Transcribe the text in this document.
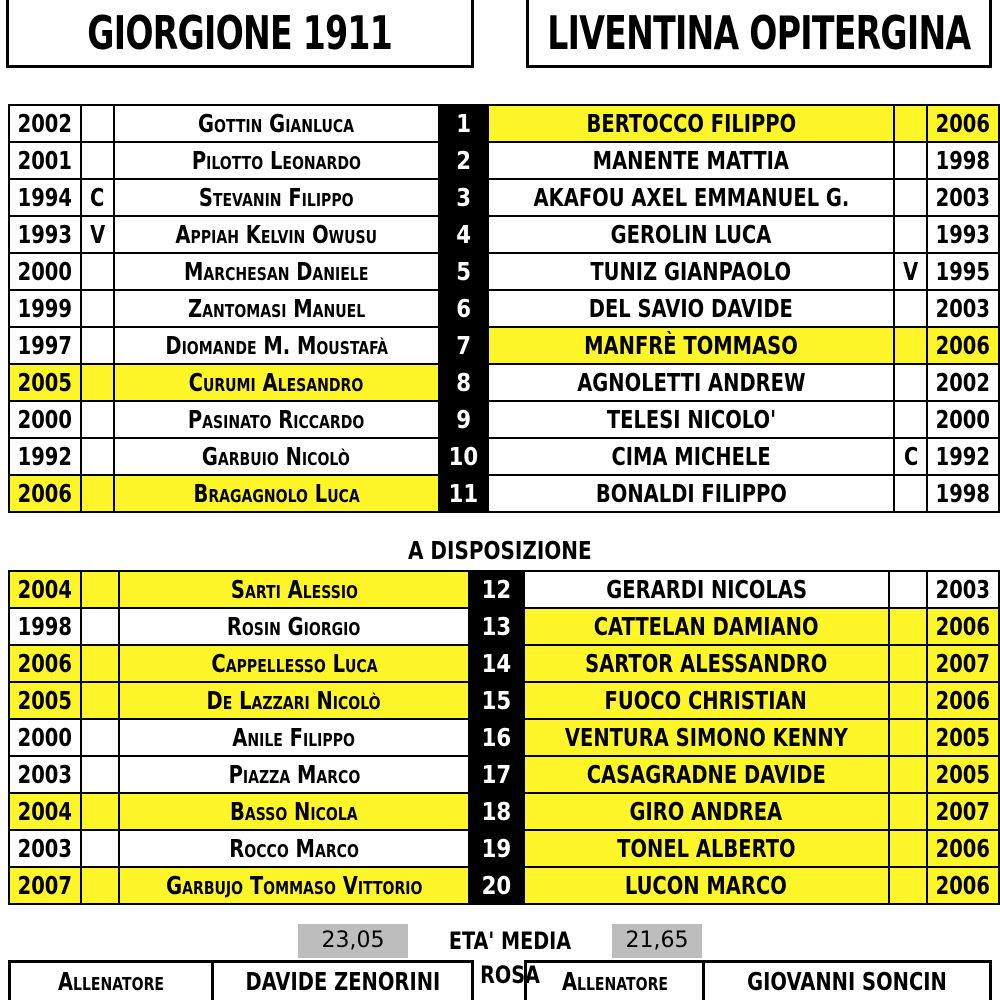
GIORGIONE 1911	LIVENTINA OPITERGINA
2002		Gottin Gianluca	1	BERTOCCO FILIPPO		2006
2001		Pilotto Leonardo	2	MANENTE MATTIA		1998
1994	C	Stevanin Filippo	3	AKAFOU AXEL EMMANUEL G.		2003
1993	V	Appiah Kelvin Owusu	4	GEROLIN LUCA		1993
2000		Marchesan Daniele	5	TUNIZ GIANPAOLO	V	1995
1999		Zantomasi Manuel	6	DEL SAVIO DAVIDE		2003
1997		Diomande M. Moustafà	7	MANFRÈ TOMMASO		2006
2005		Curumi Alesandro	8	AGNOLETTI ANDREW		2002
2000		Pasinato Riccardo	9	TELESI NICOLO'		2000
1992		Garbuio Nicolò	10	CIMA MICHELE	C	1992
2006		Bragagnolo Luca	11	BONALDI FILIPPO		1998
A DISPOSIZIONE
2004		Sarti Alessio	12	GERARDI NICOLAS		2003
1998		Rosin Giorgio	13	CATTELAN DAMIANO		2006
2006		Cappellesso Luca	14	SARTOR ALESSANDRO		2007
2005		De Lazzari Nicolò	15	FUOCO CHRISTIAN		2006
2000		Anile Filippo	16	VENTURA SIMONO KENNY		2005
2003		Piazza Marco	17	CASAGRADNE DAVIDE		2005
2004		Basso Nicola	18	GIRO ANDREA		2007
2003		Rocco Marco	19	TONEL ALBERTO		2006
2007		Garbujo Tommaso Vittorio	20	LUCON MARCO		2006
23,05	ETA' MEDIA ROSA
21,65
Allenatore	DAVIDE ZENORINI	Allenatore	GIOVANNI SONCIN
